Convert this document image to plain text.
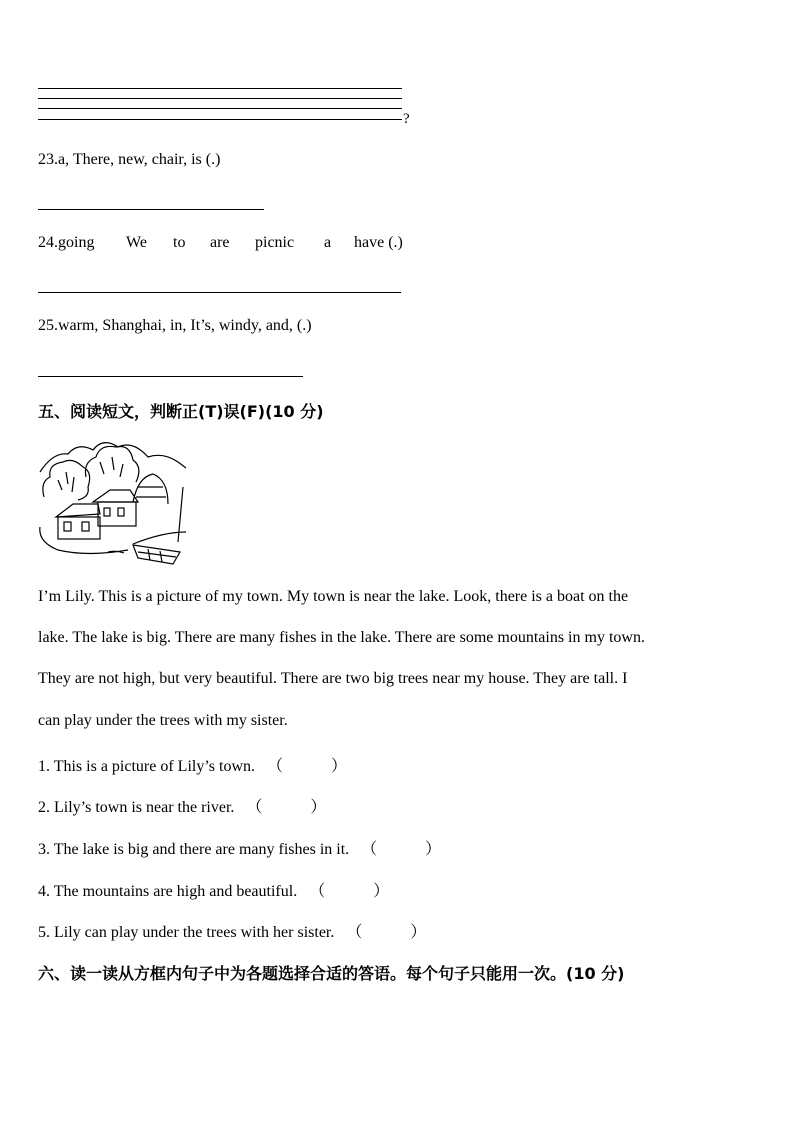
?
23.a, There, new, chair, is (.)
24.going We to are picnic a have (.)
25.warm, Shanghai, in, It’s, windy, and, (.)
五、阅读短文，判断正(T)误(F)(10 分)
I’m Lily. This is a picture of my town. My town is near the lake. Look, there is a boat on the
lake. The lake is big. There are many fishes in the lake. There are some mountains in my town.
They are not high, but very beautiful. There are two big trees near my house. They are tall. I
can play under the trees with my sister.
1. This is a picture of Lily’s town. （　　　）
2. Lily’s town is near the river. （　　　）
3. The lake is big and there are many fishes in it. （　　　）
4. The mountains are high and beautiful. （　　　）
5. Lily can play under the trees with her sister. （　　　）
六、读一读从方框内句子中为各题选择合适的答语。每个句子只能用一次。(10 分)
